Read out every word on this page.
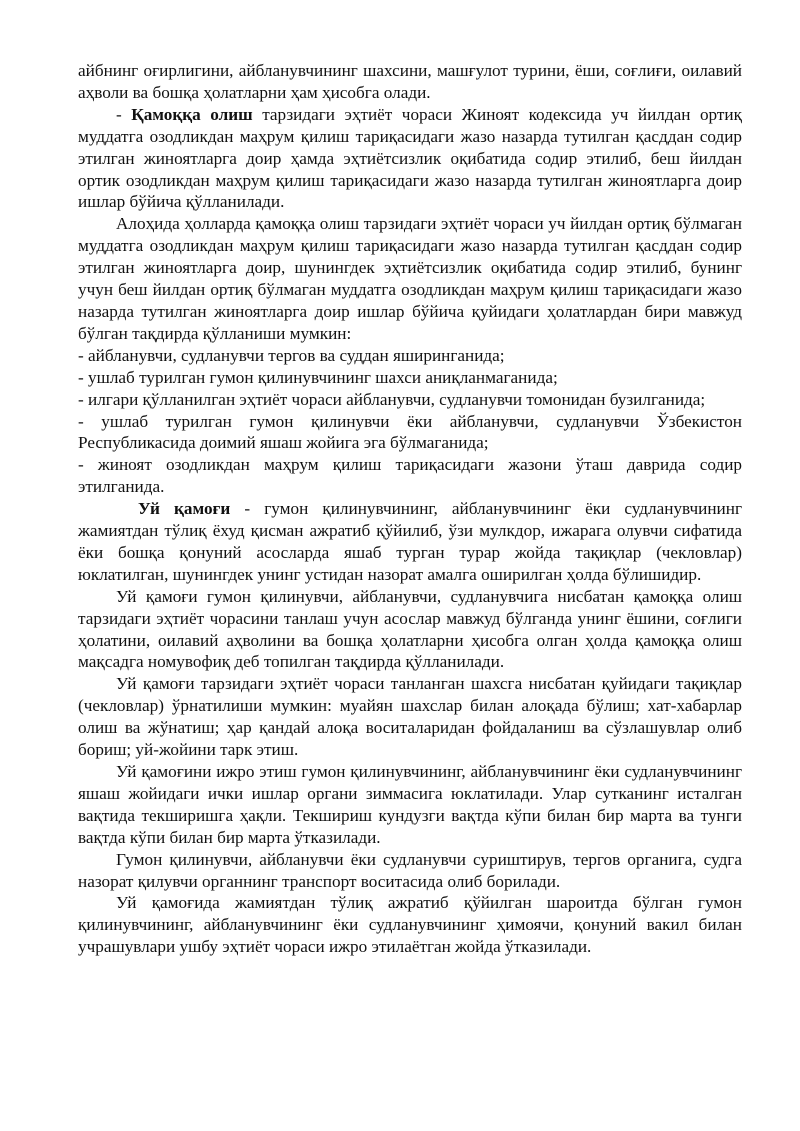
айбнинг оғирлигини, айбланувчининг шахсини, машғулот турини, ёши, соғлиғи, оилавий аҳволи ва бошқа ҳолатларни ҳам ҳисобга олади.

- Қамоққа олиш тарзидаги эҳтиёт чораси Жиноят кодексида уч йилдан ортиқ муддатга озодликдан маҳрум қилиш тариқасидаги жазо назарда тутилган қасддан содир этилган жиноятларга доир ҳамда эҳтиётсизлик оқибатида содир этилиб, беш йилдан ортик озодликдан маҳрум қилиш тариқасидаги жазо назарда тутилган жиноятларга доир ишлар бўйича қўлланилади.

Алоҳида ҳолларда қамоққа олиш тарзидаги эҳтиёт чораси уч йилдан ортиқ бўлмаган муддатга озодликдан маҳрум қилиш тариқасидаги жазо назарда тутилган қасддан содир этилган жиноятларга доир, шунингдек эҳтиётсизлик оқибатида содир этилиб, бунинг учун беш йилдан ортиқ бўлмаган муддатга озодликдан маҳрум қилиш тариқасидаги жазо назарда тутилган жиноятларга доир ишлар бўйича қуйидаги ҳолатлардан бири мавжуд бўлган тақдирда қўлланиши мумкин:

- айбланувчи, судланувчи тергов ва суддан яширинганида;

- ушлаб турилган гумон қилинувчининг шахси аниқланмаганида;

- илгари қўлланилган эҳтиёт чораси айбланувчи, судланувчи томонидан бузилганида;

- ушлаб турилган гумон қилинувчи ёки айбланувчи, судланувчи Ўзбекистон Республикасида доимий яшаш жойига эга бўлмаганида;

- жиноят озодликдан маҳрум қилиш тариқасидаги жазони ўташ даврида содир этилганида.

Уй қамоғи - гумон қилинувчининг, айбланувчининг ёки судланувчининг жамиятдан тўлиқ ёхуд қисман ажратиб қўйилиб, ўзи мулкдор, ижарага олувчи сифатида ёки бошқа қонуний асосларда яшаб турган турар жойда тақиқлар (чекловлар) юклатилган, шунингдек унинг устидан назорат амалга оширилган ҳолда бўлишидир.

Уй қамоғи гумон қилинувчи, айбланувчи, судланувчига нисбатан қамоққа олиш тарзидаги эҳтиёт чорасини танлаш учун асослар мавжуд бўлганда унинг ёшини, соғлиги ҳолатини, оилавий аҳволини ва бошқа ҳолатларни ҳисобга олган ҳолда қамоққа олиш мақсадга номувофиқ деб топилган тақдирда қўлланилади.

Уй қамоғи тарзидаги эҳтиёт чораси танланган шахсга нисбатан қуйидаги тақиқлар (чекловлар) ўрнатилиши мумкин: муайян шахслар билан алоқада бўлиш; хат-хабарлар олиш ва жўнатиш; ҳар қандай алоқа воситаларидан фойдаланиш ва сўзлашувлар олиб бориш; уй-жойини тарк этиш.

Уй қамоғини ижро этиш гумон қилинувчининг, айбланувчининг ёки судланувчининг яшаш жойидаги ички ишлар органи зиммасига юклатилади. Улар сутканинг исталган вақтида текширишга ҳақли. Текшириш кундузги вақтда кўпи билан бир марта ва тунги вақтда кўпи билан бир марта ўтказилади.

Гумон қилинувчи, айбланувчи ёки судланувчи суриштирув, тергов органига, судга назорат қилувчи органнинг транспорт воситасида олиб борилади.

Уй қамоғида жамиятдан тўлиқ ажратиб қўйилган шароитда бўлган гумон қилинувчининг, айбланувчининг ёки судланувчининг ҳимоячи, қонуний вакил билан учрашувлари ушбу эҳтиёт чораси ижро этилаётган жойда ўтказилади.
